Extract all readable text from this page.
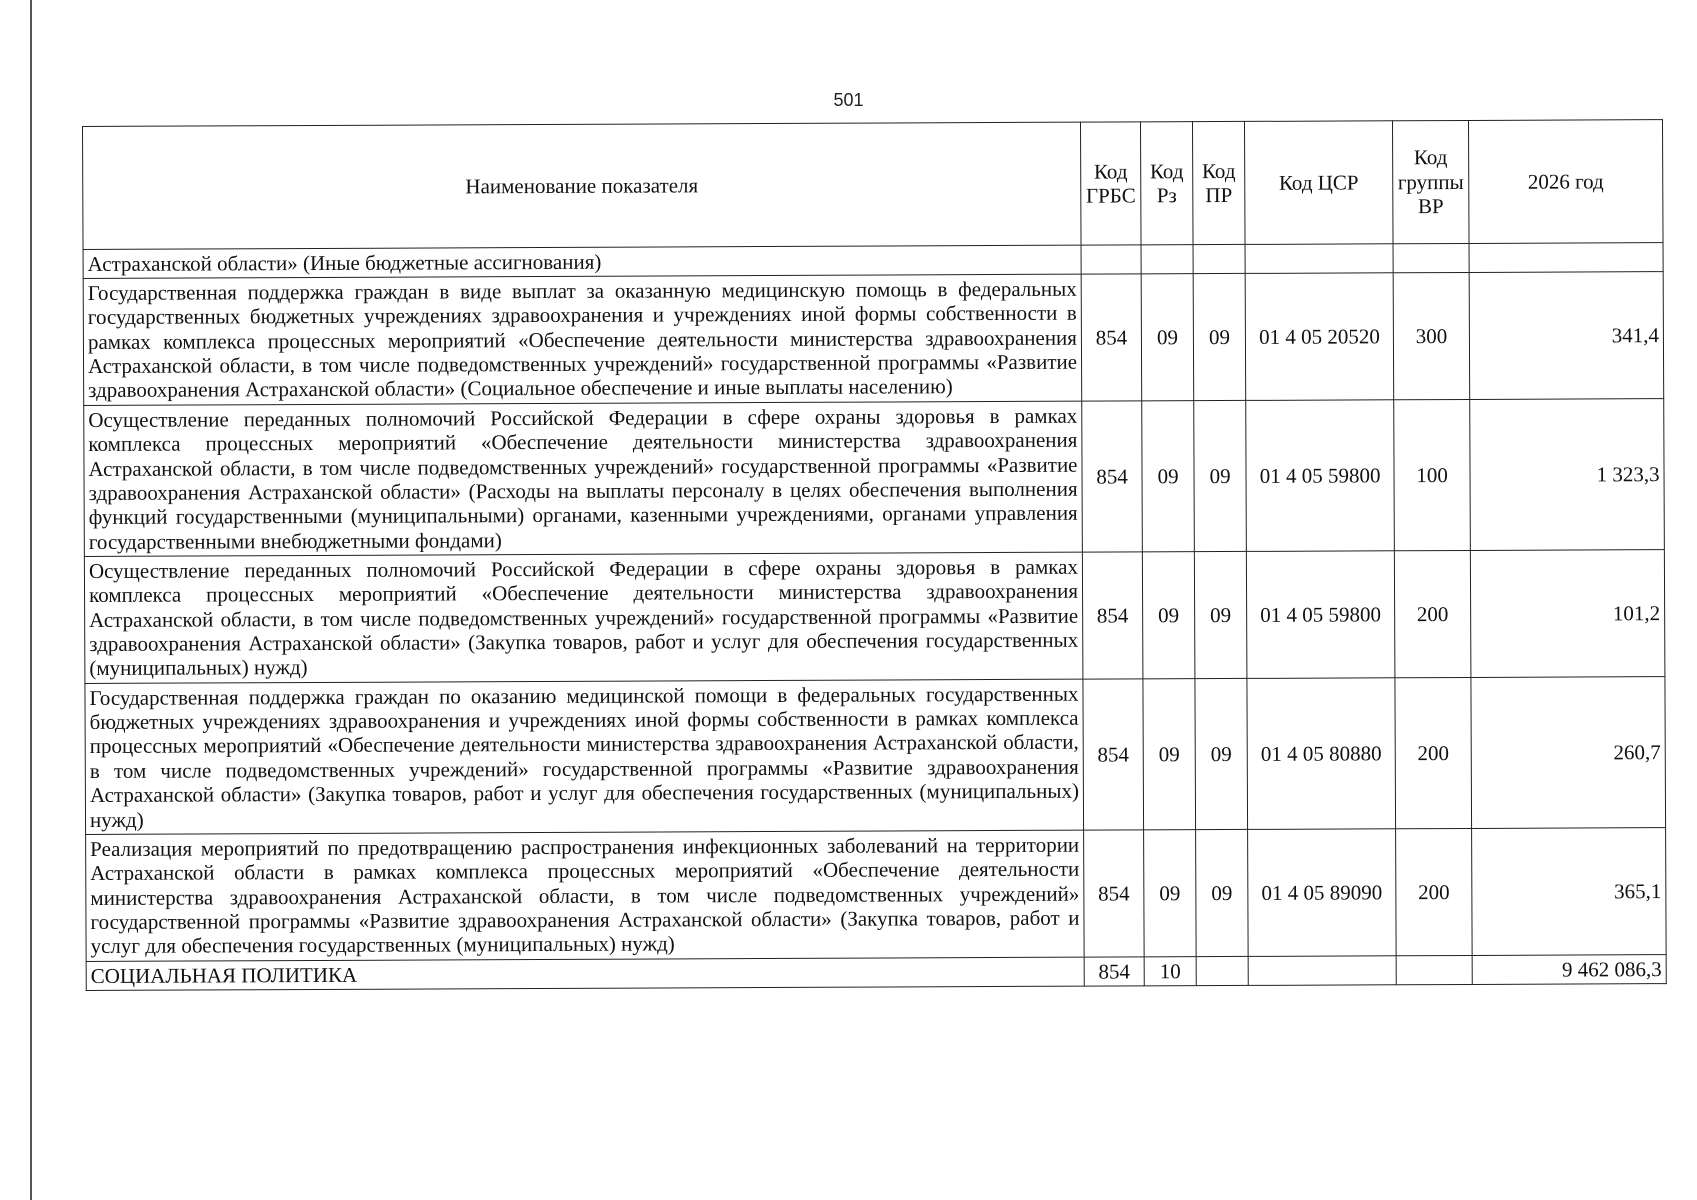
501
Наименование показателя	Код ГРБС	Код Рз	Код ПР	Код ЦСР	Код группы ВР	2026 год
Астраханской области» (Иные бюджетные ассигнования)						
Государственная поддержка граждан в виде выплат за оказанную медицинскую помощь в федеральных государственных бюджетных учреждениях здравоохранения и учреждениях иной формы собственности в рамках комплекса процессных мероприятий «Обеспечение деятельности министерства здравоохранения Астраханской области, в том числе подведомственных учреждений» государственной программы «Развитие здравоохранения Астраханской области» (Социальное обеспечение и иные выплаты населению)	854	09	09	01 4 05 20520	300	341,4
Осуществление переданных полномочий Российской Федерации в сфере охраны здоровья в рамках комплекса процессных мероприятий «Обеспечение деятельности министерства здравоохранения Астраханской области, в том числе подведомственных учреждений» государственной программы «Развитие здравоохранения Астраханской области» (Расходы на выплаты персоналу в целях обеспечения выполнения функций государственными (муниципальными) органами, казенными учреждениями, органами управления государственными внебюджетными фондами)	854	09	09	01 4 05 59800	100	1 323,3
Осуществление переданных полномочий Российской Федерации в сфере охраны здоровья в рамках комплекса процессных мероприятий «Обеспечение деятельности министерства здравоохранения Астраханской области, в том числе подведомственных учреждений» государственной программы «Развитие здравоохранения Астраханской области» (Закупка товаров, работ и услуг для обеспечения государственных (муниципальных) нужд)	854	09	09	01 4 05 59800	200	101,2
Государственная поддержка граждан по оказанию медицинской помощи в федеральных государственных бюджетных учреждениях здравоохранения и учреждениях иной формы собственности в рамках комплекса процессных мероприятий «Обеспечение деятельности министерства здравоохранения Астраханской области, в том числе подведомственных учреждений» государственной программы «Развитие здравоохранения Астраханской области» (Закупка товаров, работ и услуг для обеспечения государственных (муниципальных) нужд)	854	09	09	01 4 05 80880	200	260,7
Реализация мероприятий по предотвращению распространения инфекционных заболеваний на территории Астраханской области в рамках комплекса процессных мероприятий «Обеспечение деятельности министерства здравоохранения Астраханской области, в том числе подведомственных учреждений» государственной программы «Развитие здравоохранения Астраханской области» (Закупка товаров, работ и услуг для обеспечения государственных (муниципальных) нужд)	854	09	09	01 4 05 89090	200	365,1
СОЦИАЛЬНАЯ ПОЛИТИКА	854	10				9 462 086,3
